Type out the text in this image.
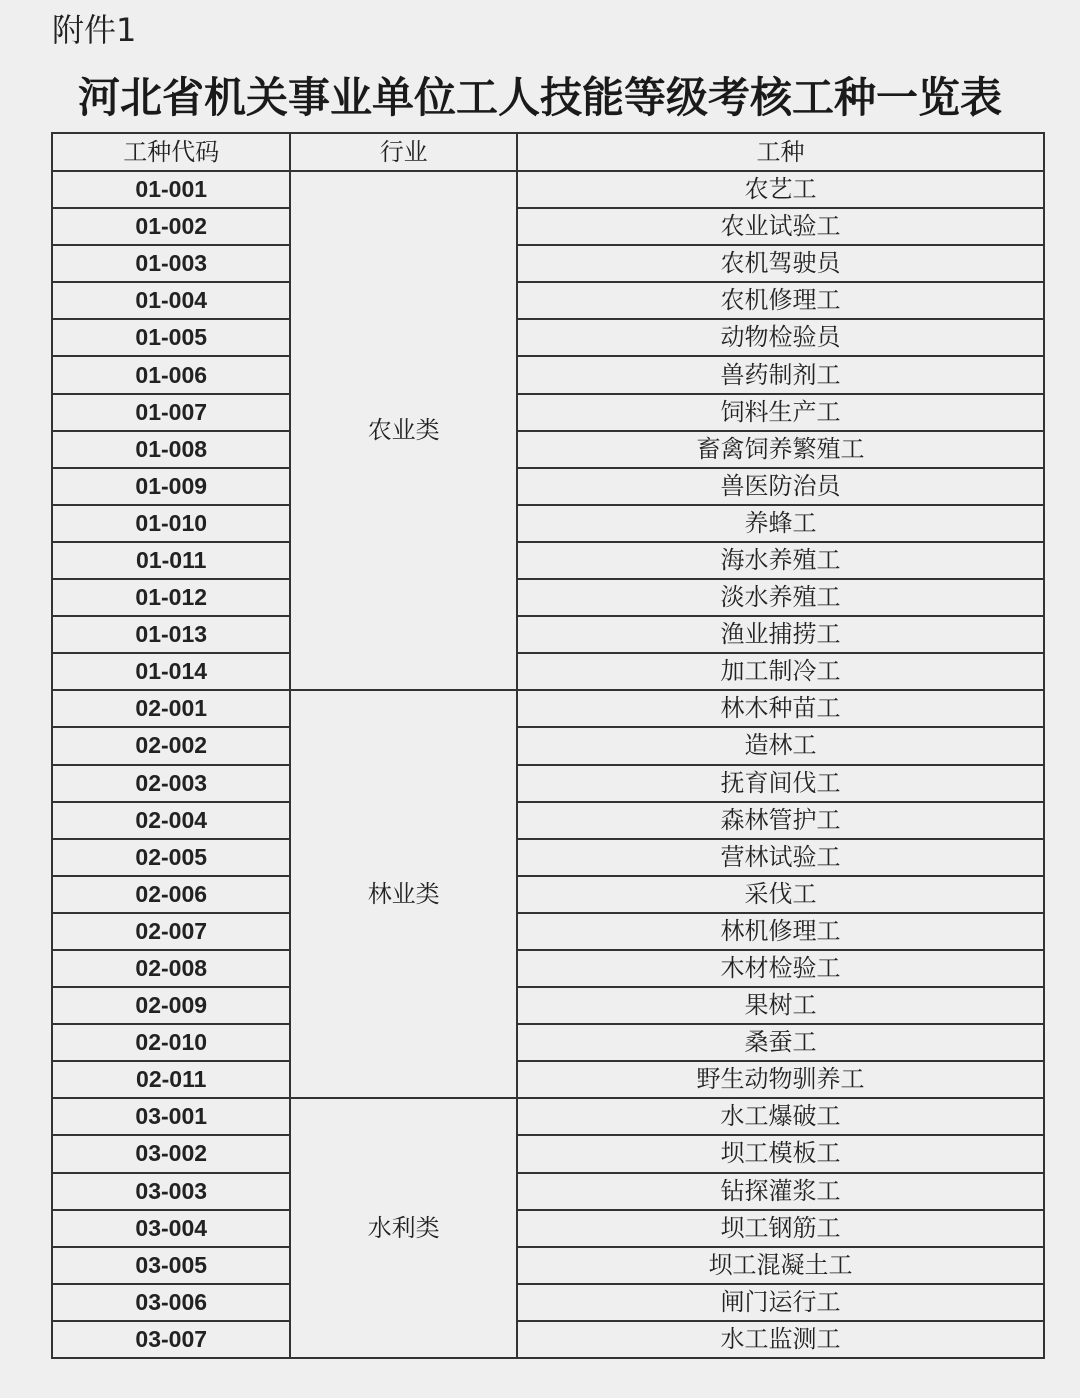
附件1
河北省机关事业单位工人技能等级考核工种一览表
工种代码	行业	工种
01-001	农业类	农艺工
01-002		农业试验工
01-003		农机驾驶员
01-004		农机修理工
01-005		动物检验员
01-006		兽药制剂工
01-007		饲料生产工
01-008		畜禽饲养繁殖工
01-009		兽医防治员
01-010		养蜂工
01-011		海水养殖工
01-012		淡水养殖工
01-013		渔业捕捞工
01-014		加工制冷工
02-001	林业类	林木种苗工
02-002		造林工
02-003		抚育间伐工
02-004		森林管护工
02-005		营林试验工
02-006		采伐工
02-007		林机修理工
02-008		木材检验工
02-009		果树工
02-010		桑蚕工
02-011		野生动物驯养工
03-001	水利类	水工爆破工
03-002		坝工模板工
03-003		钻探灌浆工
03-004		坝工钢筋工
03-005		坝工混凝土工
03-006		闸门运行工
03-007		水工监测工
